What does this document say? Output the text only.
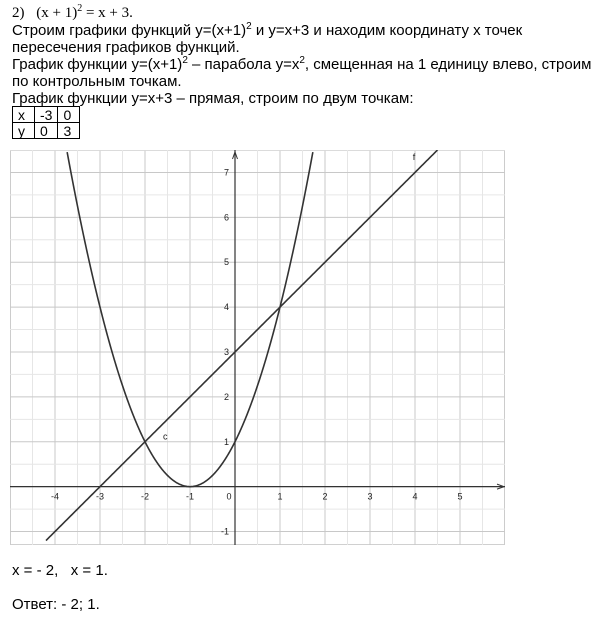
2) $(x + 1)^2 = x + 3$.
Строим графики функций $y=(x+1)^2$ и y=x+3 и находим координату x точек пересечения графиков функций.
График функции $y=(x+1)^2$ – парабола $y=x^2$, смещенная на 1 единицу влево, строим по контрольным точкам.
График функции y=x+3 – прямая, строим по двум точкам:
x	-3	0
y	0	3
-4	-3	-2	-1	0	1	2	3	4	5
-1
1
2
3
4
5
6
7
c
f
x = - 2,   x = 1.
Ответ: - 2; 1.
